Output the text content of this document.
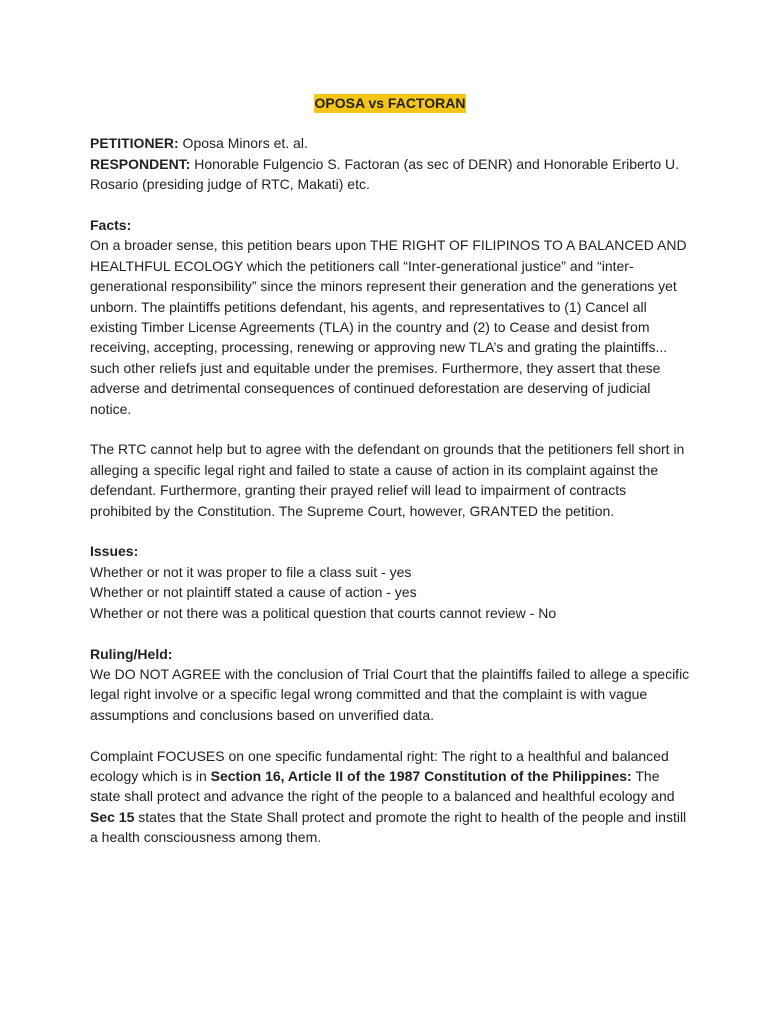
OPOSA vs FACTORAN

PETITIONER: Oposa Minors et. al.

RESPONDENT: Honorable Fulgencio S. Factoran (as sec of DENR) and Honorable Eriberto U. Rosario (presiding judge of RTC, Makati) etc.

Facts:

On a broader sense, this petition bears upon THE RIGHT OF FILIPINOS TO A BALANCED AND HEALTHFUL ECOLOGY which the petitioners call “Inter-generational justice” and “inter-generational responsibility” since the minors represent their generation and the generations yet unborn. The plaintiffs petitions defendant, his agents, and representatives to (1) Cancel all existing Timber License Agreements (TLA) in the country and (2) to Cease and desist from receiving, accepting, processing, renewing or approving new TLA’s and grating the plaintiffs... such other reliefs just and equitable under the premises. Furthermore, they assert that these adverse and detrimental consequences of continued deforestation are deserving of judicial notice.

The RTC cannot help but to agree with the defendant on grounds that the petitioners fell short in alleging a specific legal right and failed to state a cause of action in its complaint against the defendant. Furthermore, granting their prayed relief will lead to impairment of contracts prohibited by the Constitution. The Supreme Court, however, GRANTED the petition.

Issues:

Whether or not it was proper to file a class suit - yes

Whether or not plaintiff stated a cause of action - yes

Whether or not there was a political question that courts cannot review - No

Ruling/Held:

We DO NOT AGREE with the conclusion of Trial Court that the plaintiffs failed to allege a specific legal right involve or a specific legal wrong committed and that the complaint is with vague assumptions and conclusions based on unverified data.

Complaint FOCUSES on one specific fundamental right: The right to a healthful and balanced ecology which is in Section 16, Article II of the 1987 Constitution of the Philippines: The state shall protect and advance the right of the people to a balanced and healthful ecology and Sec 15 states that the State Shall protect and promote the right to health of the people and instill a health consciousness among them.
